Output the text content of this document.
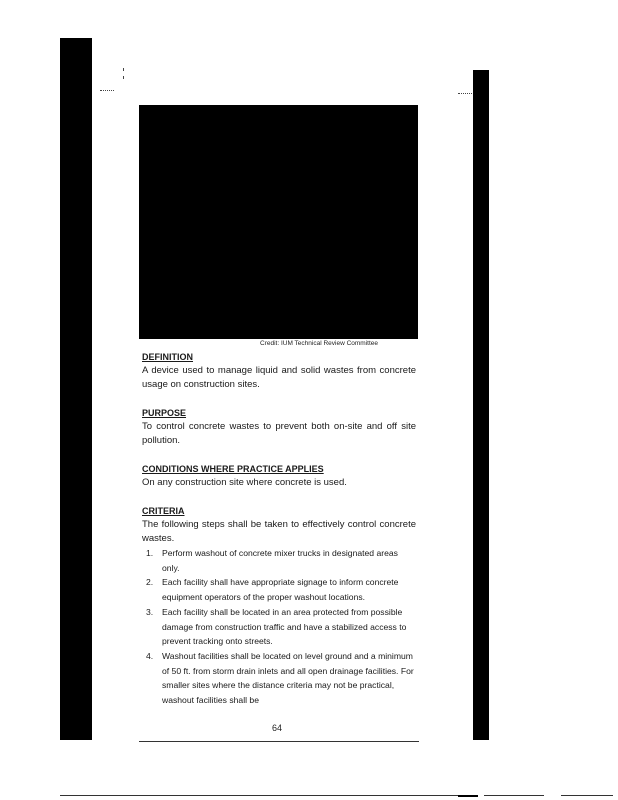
Credit: IUM Technical Review Committee

DEFINITION

A device used to manage liquid and solid wastes from concrete usage on construction sites.

PURPOSE

To control concrete wastes to prevent both on-site and off site pollution.

CONDITIONS WHERE PRACTICE APPLIES

On any construction site where concrete is used.

CRITERIA

The following steps shall be taken to effectively control concrete wastes.

1. Perform washout of concrete mixer trucks in designated areas only.
2. Each facility shall have appropriate signage to inform concrete equipment operators of the proper washout locations.
3. Each facility shall be located in an area protected from possible damage from construction traffic and have a stabilized access to prevent tracking onto streets.
4. Washout facilities shall be located on level ground and a minimum of 50 ft. from storm drain inlets and all open drainage facilities. For smaller sites where the distance criteria may not be practical, washout facilities shall be
64
